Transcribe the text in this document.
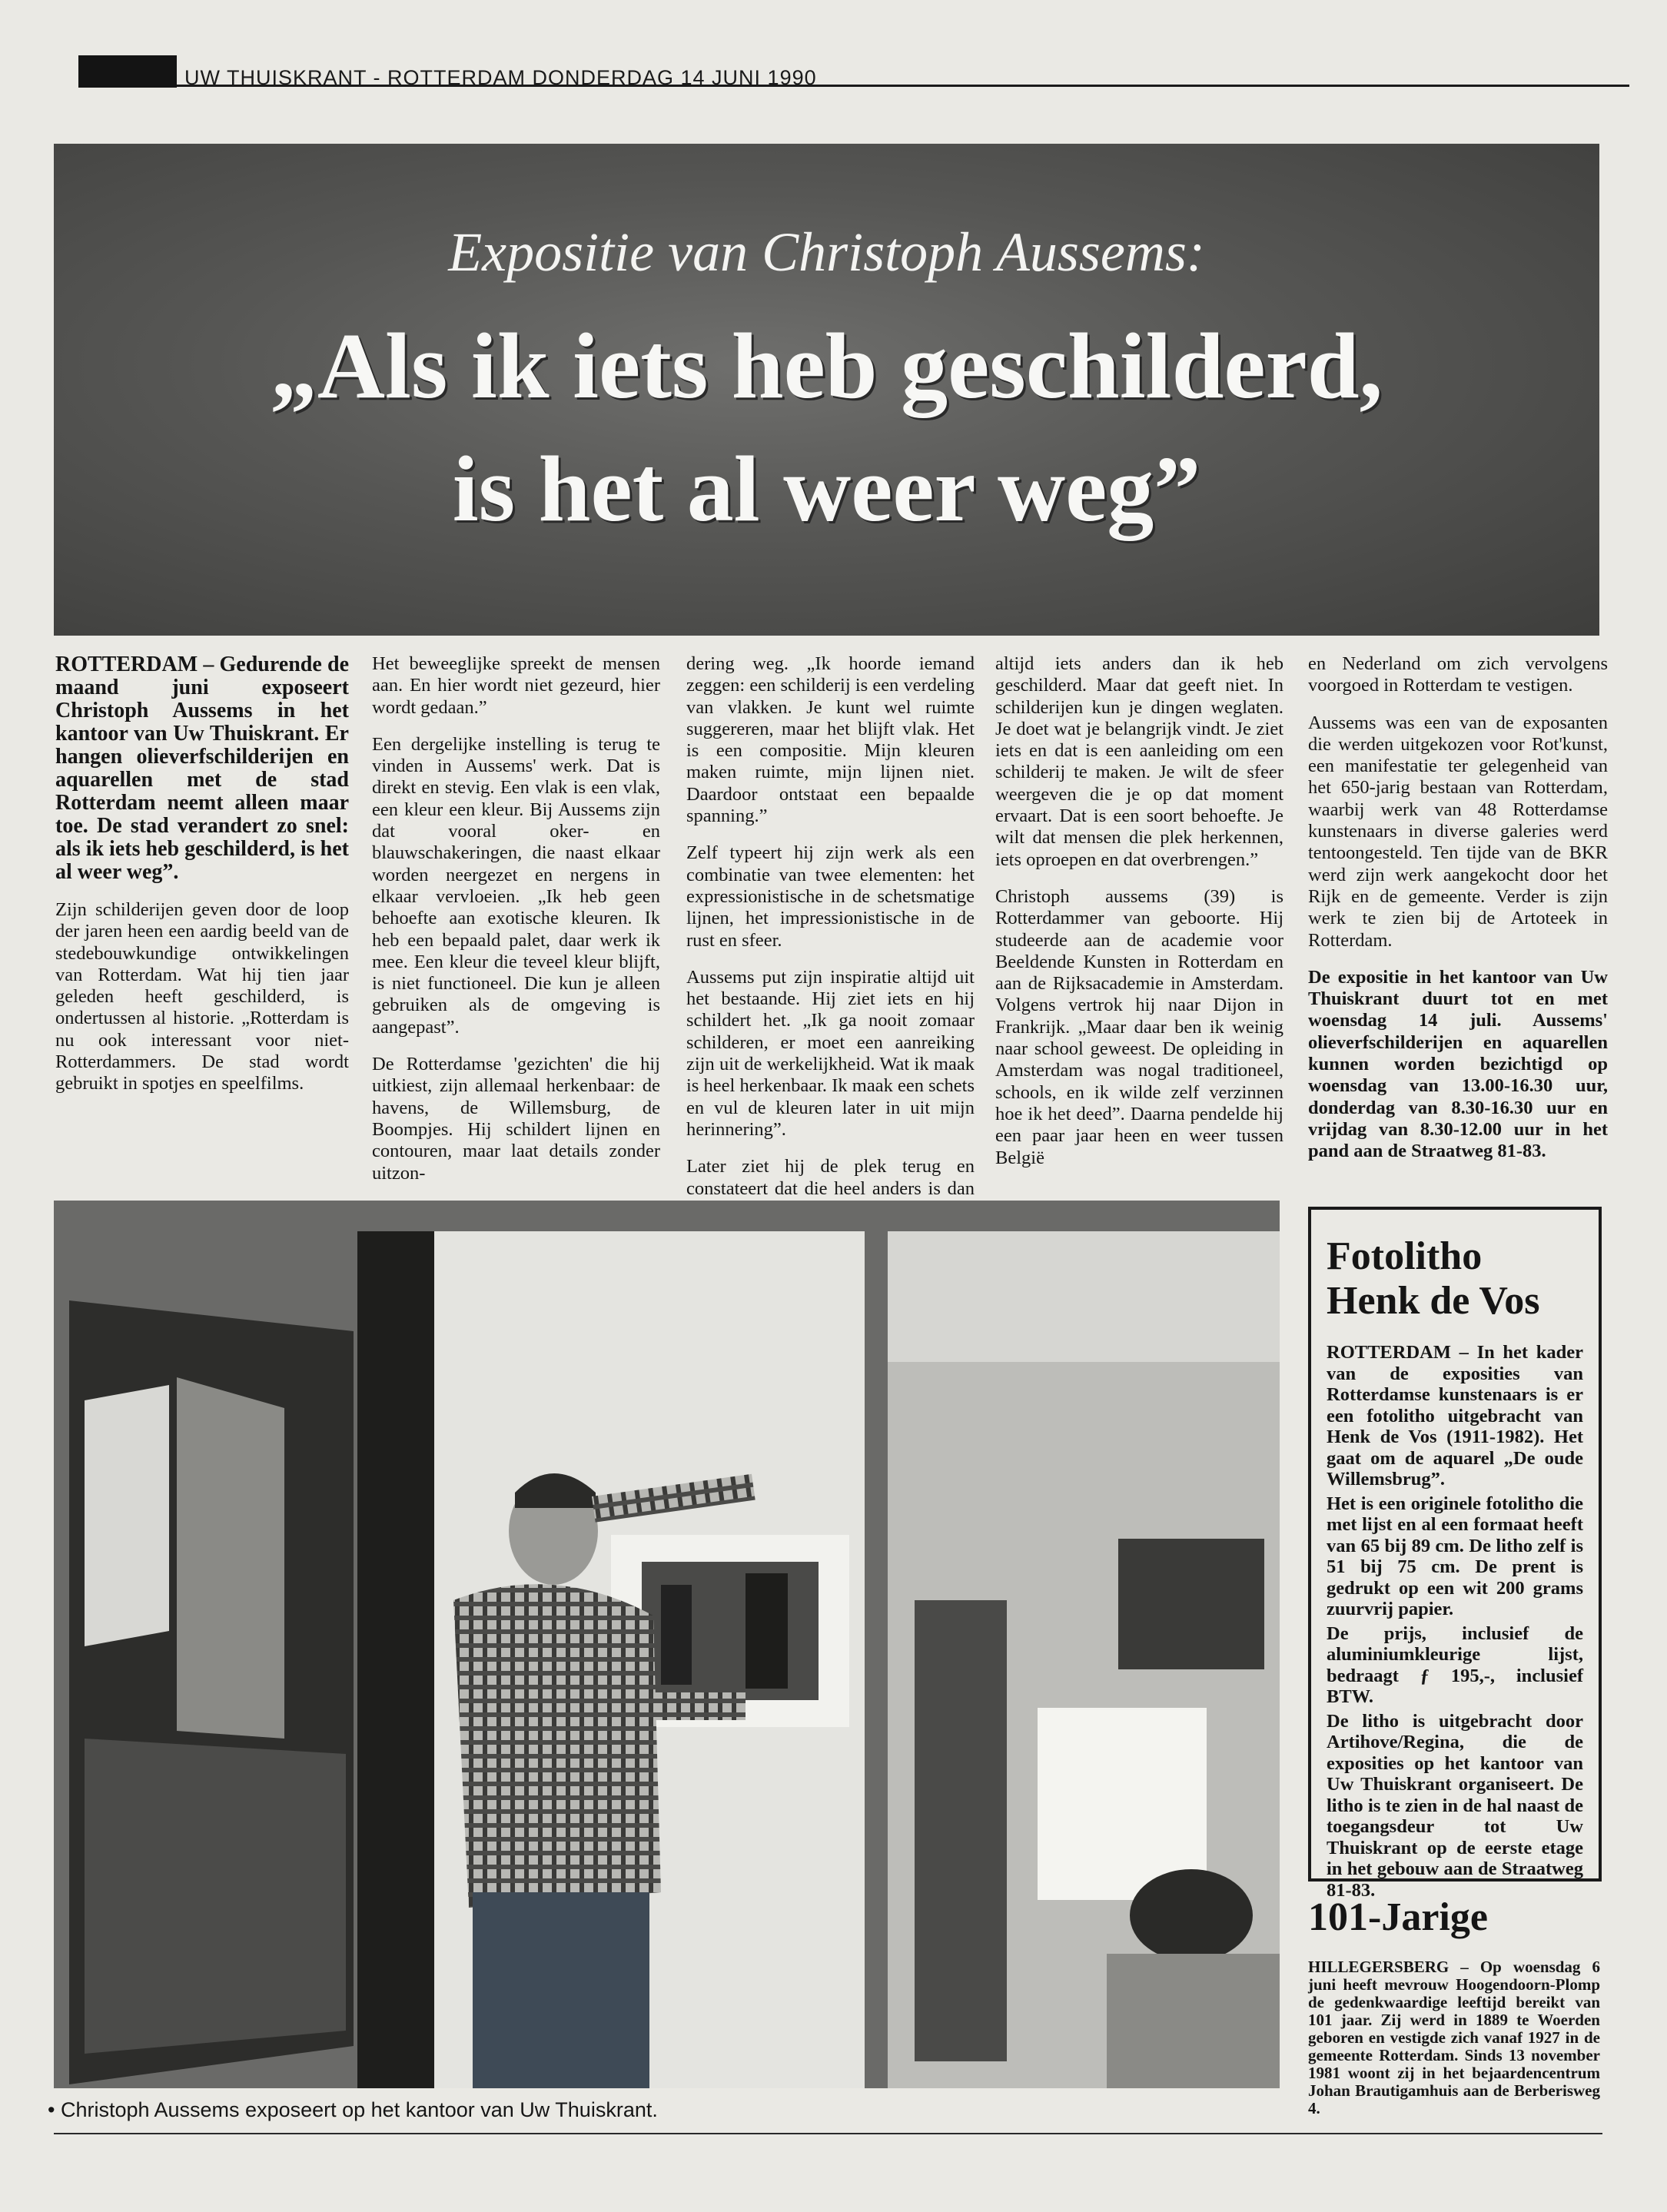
UW THUISKRANT - ROTTERDAM DONDERDAG 14 JUNI 1990
Expositie van Christoph Aussems:
„Als ik iets heb geschilderd,
is het al weer weg”

ROTTERDAM – Gedurende de maand juni exposeert Christoph Aussems in het kantoor van Uw Thuiskrant. Er hangen olieverfschilderijen en aquarellen met de stad Rotterdam neemt alleen maar toe. De stad verandert zo snel: als ik iets heb geschilderd, is het al weer weg”.

Zijn schilderijen geven door de loop der jaren heen een aardig beeld van de stedebouwkundige ontwikkelingen van Rotterdam. Wat hij tien jaar geleden heeft geschilderd, is ondertussen al historie. „Rotterdam is nu ook interessant voor niet-Rotterdammers. De stad wordt gebruikt in spotjes en speelfilms.

Het beweeglijke spreekt de mensen aan. En hier wordt niet gezeurd, hier wordt gedaan.”

Een dergelijke instelling is terug te vinden in Aussems' werk. Dat is direkt en stevig. Een vlak is een vlak, een kleur een kleur. Bij Aussems zijn dat vooral oker- en blauwschakeringen, die naast elkaar worden neergezet en nergens in elkaar vervloeien. „Ik heb geen behoefte aan exotische kleuren. Ik heb een bepaald palet, daar werk ik mee. Een kleur die teveel kleur blijft, is niet functioneel. Die kun je alleen gebruiken als de omgeving is aangepast”.

De Rotterdamse 'gezichten' die hij uitkiest, zijn allemaal herkenbaar: de havens, de Willemsburg, de Boompjes. Hij schildert lijnen en contouren, maar laat details zonder uitzon-

dering weg. „Ik hoorde iemand zeggen: een schilderij is een verdeling van vlakken. Je kunt wel ruimte suggereren, maar het blijft vlak. Het is een compositie. Mijn kleuren maken ruimte, mijn lijnen niet. Daardoor ontstaat een bepaalde spanning.”

Zelf typeert hij zijn werk als een combinatie van twee elementen: het expressionistische in de schetsmatige lijnen, het impressionistische in de rust en sfeer.

Aussems put zijn inspiratie altijd uit het bestaande. Hij ziet iets en hij schildert het. „Ik ga nooit zomaar schilderen, er moet een aanreiking zijn uit de werkelijkheid. Wat ik maak is heel herkenbaar. Ik maak een schets en vul de kleuren later in uit mijn herinnering”.

Later ziet hij de plek terug en constateert dat die heel anders is dan

altijd iets anders dan ik heb geschilderd. Maar dat geeft niet. In schilderijen kun je dingen weglaten. Je doet wat je belangrijk vindt. Je ziet iets en dat is een aanleiding om een schilderij te maken. Je wilt de sfeer weergeven die je op dat moment ervaart. Dat is een soort behoefte. Je wilt dat mensen die plek herkennen, iets oproepen en dat overbrengen.”

Christoph aussems (39) is Rotterdammer van geboorte. Hij studeerde aan de academie voor Beeldende Kunsten in Rotterdam en aan de Rijksacademie in Amsterdam. Volgens vertrok hij naar Dijon in Frankrijk. „Maar daar ben ik weinig naar school geweest. De opleiding in Amsterdam was nogal traditioneel, schools, en ik wilde zelf verzinnen hoe ik het deed”. Daarna pendelde hij een paar jaar heen en weer tussen België

en Nederland om zich vervolgens voorgoed in Rotterdam te vestigen.

Aussems was een van de exposanten die werden uitgekozen voor Rot'kunst, een manifestatie ter gelegenheid van het 650-jarig bestaan van Rotterdam, waarbij werk van 48 Rotterdamse kunstenaars in diverse galeries werd tentoongesteld. Ten tijde van de BKR werd zijn werk aangekocht door het Rijk en de gemeente. Verder is zijn werk te zien bij de Artoteek in Rotterdam.

De expositie in het kantoor van Uw Thuiskrant duurt tot en met woensdag 14 juli. Aussems' olieverfschilderijen en aquarellen kunnen worden bezichtigd op woensdag van 13.00-16.30 uur, donderdag van 8.30-16.30 uur en vrijdag van 8.30-12.00 uur in het pand aan de Straatweg 81-83.

• Christoph Aussems exposeert op het kantoor van Uw Thuiskrant.
Fotolitho Henk de Vos

ROTTERDAM – In het kader van de exposities van Rotterdamse kunstenaars is er een fotolitho uitgebracht van Henk de Vos (1911-1982). Het gaat om de aquarel „De oude Willemsbrug”.

Het is een originele fotolitho die met lijst en al een formaat heeft van 65 bij 89 cm. De litho zelf is 51 bij 75 cm. De prent is gedrukt op een wit 200 grams zuurvrij papier.

De prijs, inclusief de aluminiumkleurige lijst, bedraagt ƒ 195,-, inclusief BTW.

De litho is uitgebracht door Artihove/Regina, die de exposities op het kantoor van Uw Thuiskrant organiseert. De litho is te zien in de hal naast de toegangsdeur tot Uw Thuiskrant op de eerste etage in het gebouw aan de Straatweg 81-83.

101-Jarige
HILLEGERSBERG – Op woensdag 6 juni heeft mevrouw Hoogendoorn-Plomp de gedenkwaardige leeftijd bereikt van 101 jaar. Zij werd in 1889 te Woerden geboren en vestigde zich vanaf 1927 in de gemeente Rotterdam. Sinds 13 november 1981 woont zij in het bejaardencentrum Johan Brautigamhuis aan de Berberisweg 4.
